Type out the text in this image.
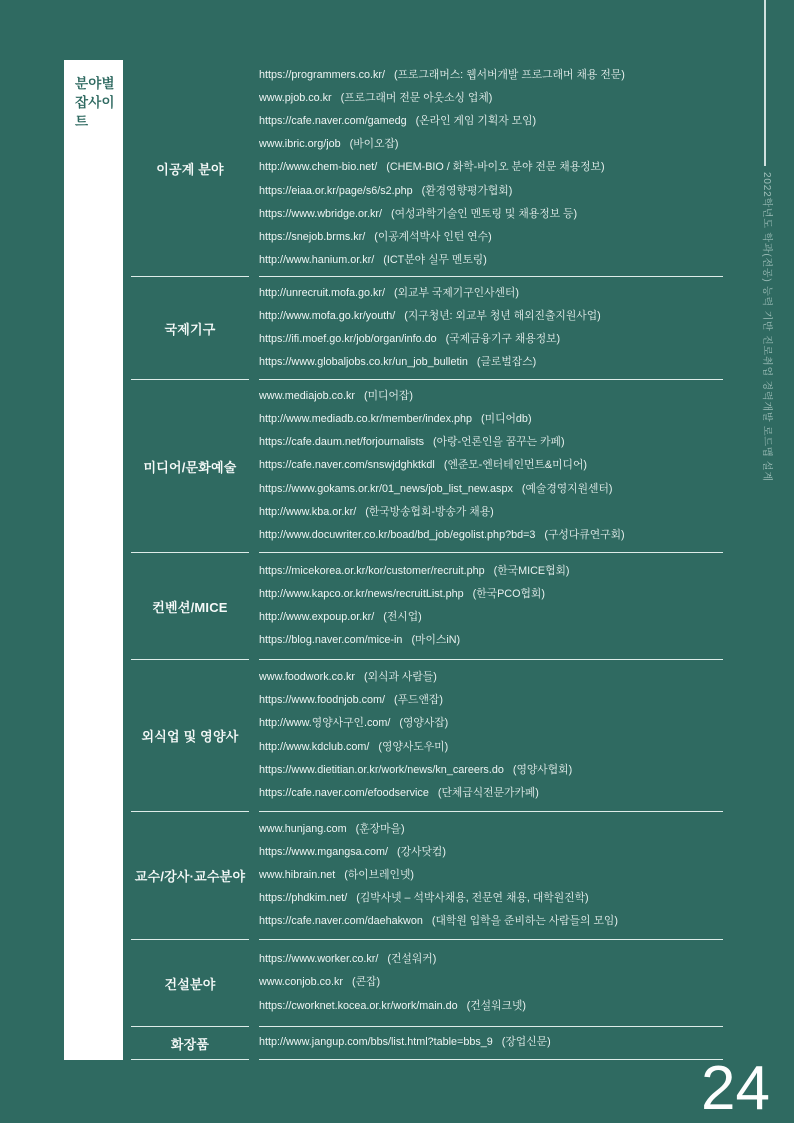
분야별
잡사이트
이공계 분야
https://programmers.co.kr/ (프로그래머스: 웹서버개발 프로그래머 채용 전문)
www.pjob.co.kr (프로그래머 전문 아웃소싱 업체)
https://cafe.naver.com/gamedg (온라인 게임 기획자 모임)
www.ibric.org/job (바이오잡)
http://www.chem-bio.net/ (CHEM-BIO / 화학-바이오 분야 전문 채용정보)
https://eiaa.or.kr/page/s6/s2.php (환경영향평가협회)
https://www.wbridge.or.kr/ (여성과학기술인 멘토링 및 채용정보 등)
https://snejob.brms.kr/ (이공계석박사 인턴 연수)
http://www.hanium.or.kr/ (ICT분야 실무 멘토링)
국제기구
http://unrecruit.mofa.go.kr/ (외교부 국제기구인사센터)
http://www.mofa.go.kr/youth/ (지구청년: 외교부 청년 해외진출지원사업)
https://ifi.moef.go.kr/job/organ/info.do (국제금융기구 채용정보)
https://www.globaljobs.co.kr/un_job_bulletin (글로벌잡스)
미디어/문화예술
www.mediajob.co.kr (미디어잡)
http://www.mediadb.co.kr/member/index.php (미디어db)
https://cafe.daum.net/forjournalists (아랑-언론인을 꿈꾸는 카페)
https://cafe.naver.com/snswjdghktkdl (엔준모-엔터테인먼트&미디어)
https://www.gokams.or.kr/01_news/job_list_new.aspx (예술경영지원센터)
http://www.kba.or.kr/ (한국방송협회-방송가 채용)
http://www.docuwriter.co.kr/boad/bd_job/egolist.php?bd=3 (구성다큐연구회)
컨벤션/MICE
https://micekorea.or.kr/kor/customer/recruit.php (한국MICE협회)
http://www.kapco.or.kr/news/recruitList.php (한국PCO협회)
http://www.expoup.or.kr/ (전시업)
https://blog.naver.com/mice-in (마이스iN)
외식업 및 영양사
www.foodwork.co.kr (외식과 사람들)
https://www.foodnjob.com/ (푸드앤잡)
http://www.영양사구인.com/ (영양사잡)
http://www.kdclub.com/ (영양사도우미)
https://www.dietitian.or.kr/work/news/kn_careers.do (영양사협회)
https://cafe.naver.com/efoodservice (단체급식전문가카페)
교수/강사·교수분야
www.hunjang.com (훈장마을)
https://www.mgangsa.com/ (강사닷컴)
www.hibrain.net (하이브레인넷)
https://phdkim.net/ (김박사넷 – 석박사채용, 전문연 채용, 대학원진학)
https://cafe.naver.com/daehakwon (대학원 입학을 준비하는 사람들의 모임)
건설분야
https://www.worker.co.kr/ (건설워커)
www.conjob.co.kr (콘잡)
https://cworknet.kocea.or.kr/work/main.do (건설워크넷)
화장품	http://www.jangup.com/bbs/list.html?table=bbs_9 (장업신문)
2022학년도 학과(전공) 능력 기반 진로취업 경력개발 로드맵 설계
24
